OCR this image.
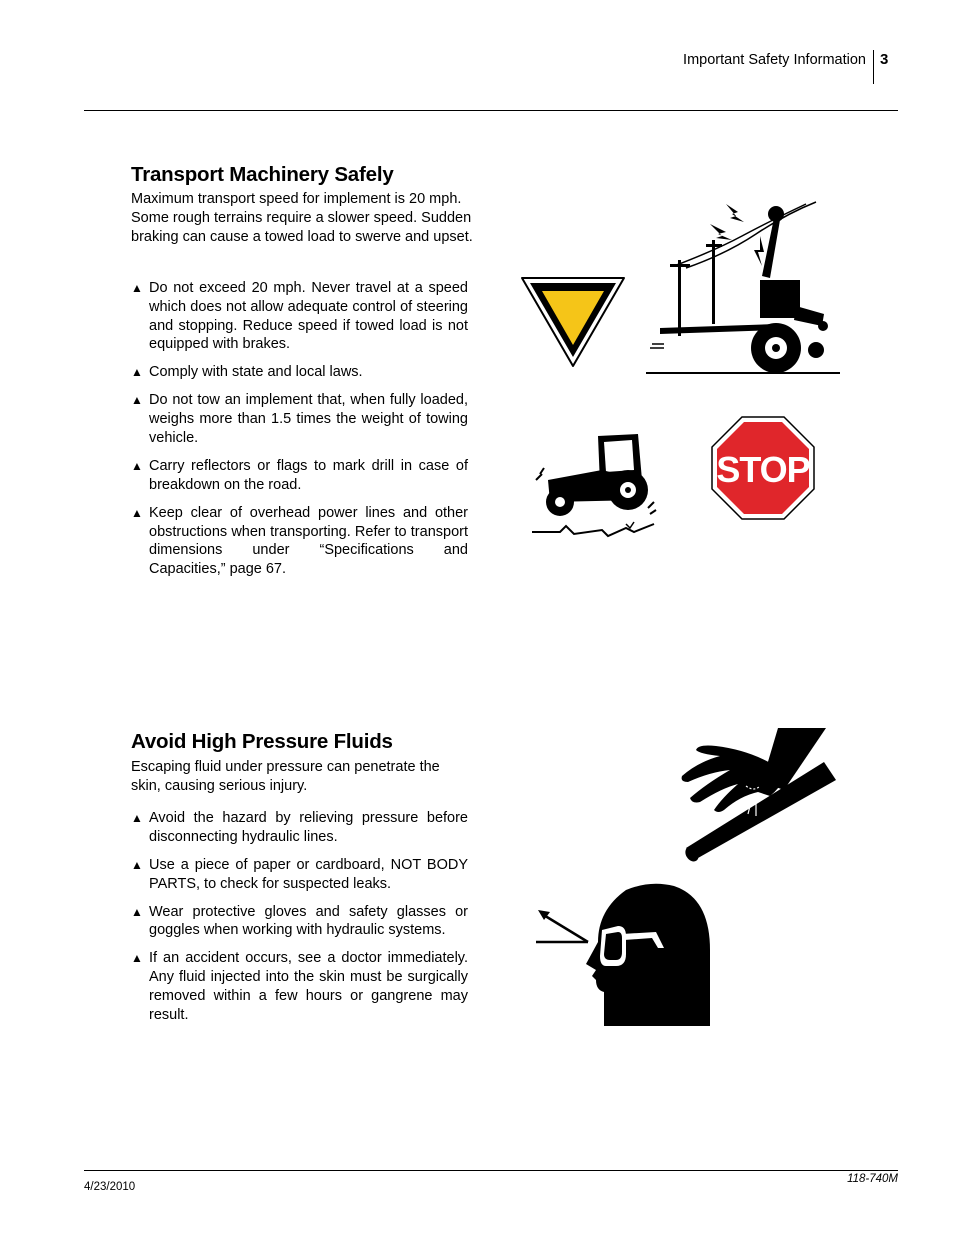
Important Safety Information 3
Transport Machinery Safely
Maximum transport speed for implement is 20 mph. Some rough terrains require a slower speed. Sudden braking can cause a towed load to swerve and upset.
▲ Do not exceed 20 mph. Never travel at a speed which does not allow adequate control of steering and stopping. Reduce speed if towed load is not equipped with brakes.
▲ Comply with state and local laws.
▲ Do not tow an implement that, when fully loaded, weighs more than 1.5 times the weight of towing vehicle.
▲ Carry reflectors or flags to mark drill in case of breakdown on the road.
▲ Keep clear of overhead power lines and other obstructions when transporting. Refer to transport dimensions under “Specifications and Capacities,” page 67.
STOP
Avoid High Pressure Fluids
Escaping fluid under pressure can penetrate the skin, causing serious injury.
▲ Avoid the hazard by relieving pressure before disconnecting hydraulic lines.
▲ Use a piece of paper or cardboard, NOT BODY PARTS, to check for suspected leaks.
▲ Wear protective gloves and safety glasses or goggles when working with hydraulic systems.
▲ If an accident occurs, see a doctor immediately. Any fluid injected into the skin must be surgically removed within a few hours or gangrene may result.
4/23/2010
118-740M
